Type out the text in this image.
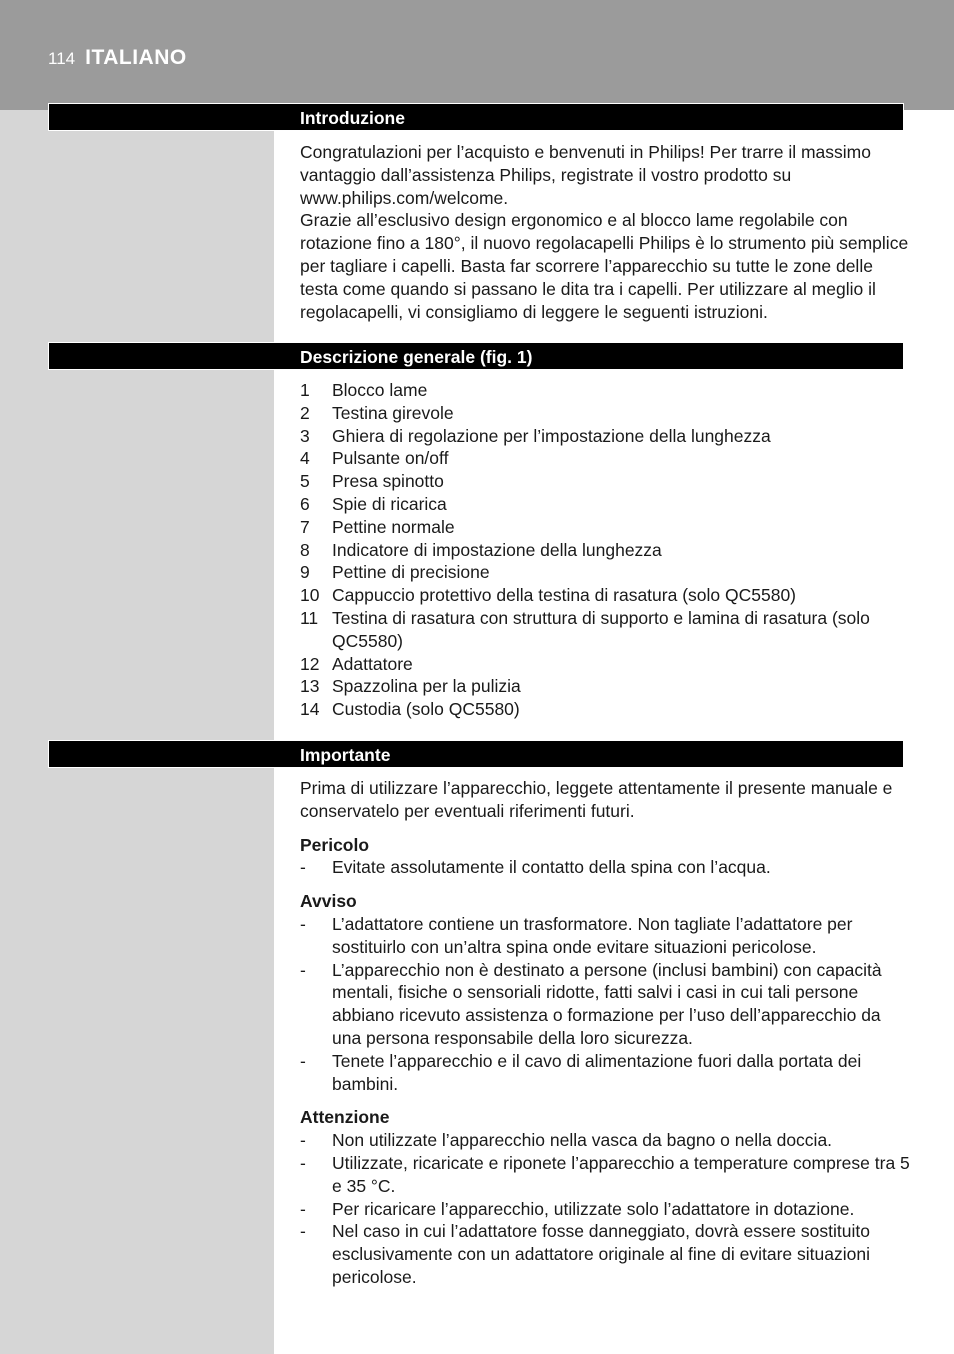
114 ITALIANO
Introduzione

Congratulazioni per l’acquisto e benvenuti in Philips! Per trarre il massimo vantaggio dall’assistenza Philips, registrate il vostro prodotto su www.philips.com/welcome.

Grazie all’esclusivo design ergonomico e al blocco lame regolabile con rotazione fino a 180°, il nuovo regolacapelli Philips è lo strumento più semplice per tagliare i capelli. Basta far scorrere l’apparecchio su tutte le zone delle testa come quando si passano le dita tra i capelli. Per utilizzare al meglio il regolacapelli, vi consigliamo di leggere le seguenti istruzioni.

Descrizione generale (fig. 1)
1	Blocco lame
2	Testina girevole
3	Ghiera di regolazione per l’impostazione della lunghezza
4	Pulsante on/off
5	Presa spinotto
6	Spie di ricarica
7	Pettine normale
8	Indicatore di impostazione della lunghezza
9	Pettine di precisione
10 Cappuccio protettivo della testina di rasatura (solo QC5580)
11 Testina di rasatura con struttura di supporto e lamina di rasatura (solo QC5580)
12 Adattatore
13 Spazzolina per la pulizia
14 Custodia (solo QC5580)
Importante

Prima di utilizzare l’apparecchio, leggete attentamente il presente manuale e conservatelo per eventuali riferimenti futuri.

Pericolo

-	Evitate assolutamente il contatto della spina con l’acqua.

Avviso

-	L’adattatore contiene un trasformatore. Non tagliate l’adattatore per sostituirlo con un’altra spina onde evitare situazioni pericolose.
-	L’apparecchio non è destinato a persone (inclusi bambini) con capacità mentali, fisiche o sensoriali ridotte, fatti salvi i casi in cui tali persone abbiano ricevuto assistenza o formazione per l’uso dell’apparecchio da una persona responsabile della loro sicurezza.
-	Tenete l’apparecchio e il cavo di alimentazione fuori dalla portata dei bambini.

Attenzione

-	Non utilizzate l’apparecchio nella vasca da bagno o nella doccia.
-	Utilizzate, ricaricate e riponete l’apparecchio a temperature comprese tra 5 e 35 °C.
-	Per ricaricare l’apparecchio, utilizzate solo l’adattatore in dotazione.
-	Nel caso in cui l’adattatore fosse danneggiato, dovrà essere sostituito esclusivamente con un adattatore originale al fine di evitare situazioni pericolose.
